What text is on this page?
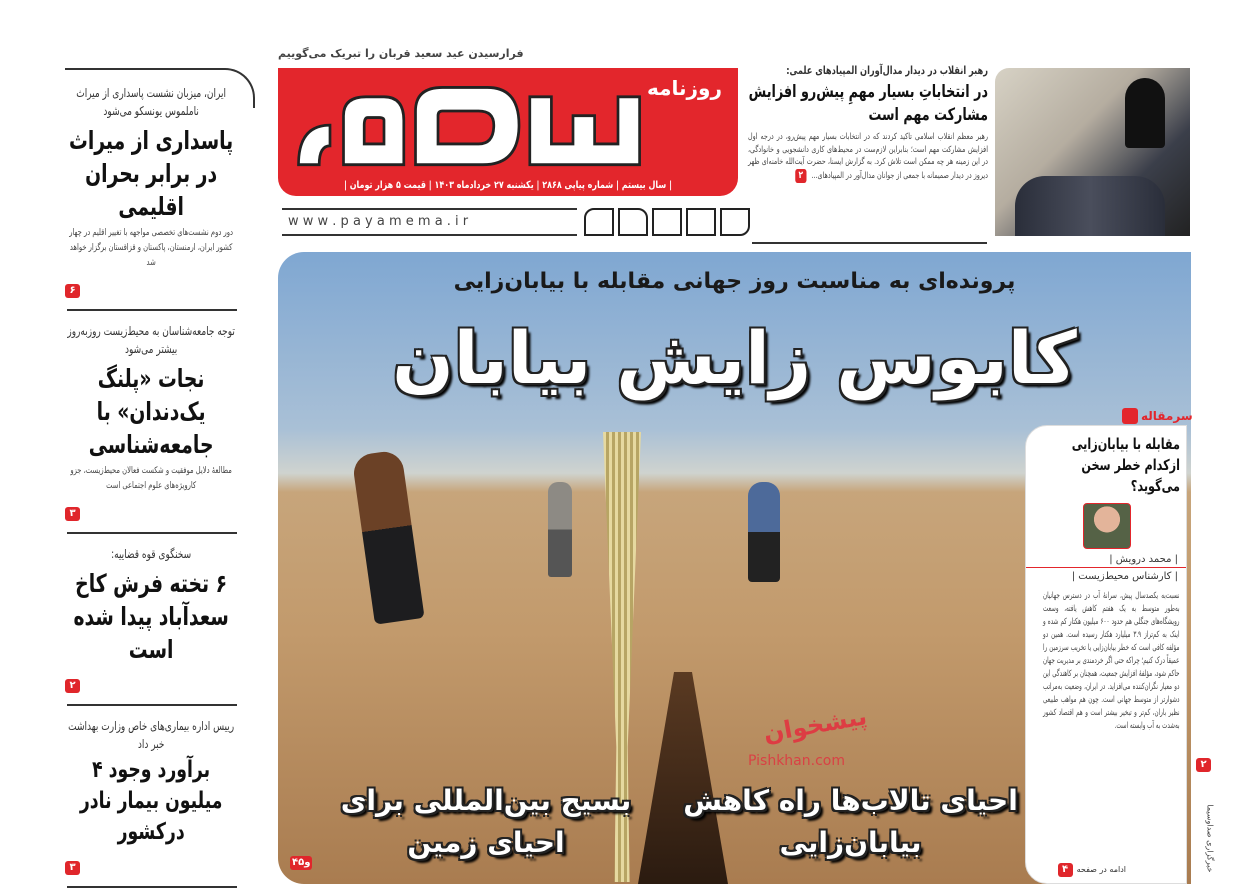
فرارسیدن عید سعید قربان را تبریک می‌گوییم
روزنامه
| سال بیستم | شماره پیاپی ۲۸۶۸ | یکشنبه ۲۷ خردادماه ۱۴۰۳ | قیمت ۵ هزار تومان |
w w w . p a y a m e m a . i r
رهبر انقلاب در دیدار مدال‌آوران المپیادهای علمی:
در انتخاباتِ بسیار مهمِ پیش‌رو افزایش مشارکت مهم است
رهبر معظم انقلاب اسلامی تاکید کردند که در انتخابات بسیار مهم پیش‌رو، در درجه اول افزایش مشارکت مهم است؛ بنابراین لازم‌ست در محیط‌های کاری دانشجویی و خانوادگی، در این زمینه هر چه ممکن است تلاش کرد. به گزارش ایسنا، حضرت آیت‌الله خامنه‌ای ظهر دیروز در دیدار صمیمانه با جمعی از جوانان مدال‌آور در المپیادهای... ۲
ایران، میزبان نشست پاسداری از میراث ناملموس یونسکو می‌شود
پاسداری از میراث در برابر بحران اقلیمی
دور دوم نشست‌های تخصصی مواجهه با تغییر اقلیم در چهار کشور ایران، ارمنستان، پاکستان و قزاقستان برگزار خواهد شد
۶
توجه جامعه‌شناسان به محیط‌زیست روزبه‌روز بیشتر می‌شود
نجات «پلنگ یک‌دندان» با جامعه‌شناسی
مطالعهٔ دلایل موفقیت و شکست فعالان محیط‌زیست، جزو کارویژه‌های علوم اجتماعی است
۳
سخنگوی قوه قضاییه:
۶ تخته فرش کاخ سعدآباد پیدا شده است
۲
رییس اداره بیماری‌های خاص وزارت بهداشت خبر داد
برآورد وجود ۴ میلیون بیمار نادر درکشور
۳
پرونده‌ای به مناسبت روز جهانی مقابله با بیابان‌زایی
کابوس زایش بیابان
پیشخوان
Pishkhan.com
احیای تالاب‌ها راه کاهش بیابان‌زایی
بسیج بین‌المللی برای احیای زمین
۴و۵
سرمقاله
مقابله با بیابان‌زایی ازکدام خطر سخن می‌گوید؟
| محمد درویش |
| کارشناس محیط‌زیست |
نسبت‌به یکصدسال پیش، سرانهٔ آب در دسترس جهانیان به‌طور متوسط به یک هفتم کاهش یافته، وسعت رویشگاه‌های جنگلی هم حدود ۶۰۰ میلیون هکتار کم شده و اینک به کم‌تراز ۳.۹ میلیارد هکتار رسیده است. همین دو مؤلفه کافی است که خطر بیابان‌زایی یا تخریب سرزمین را عمیقاً درک کنیم؛ چراکه حتی اگر خردمندی بر مدیریت جهان حاکم شود، مؤلفهٔ افزایش جمعیت، همچنان بر کاهندگی این دو معیار نگران‌کننده می‌افزاید. در ایران، وضعیت به‌مراتب دشوارتر از متوسط جهانی است. چون هم مواهب طبیعی نظیر باران، کم‌تر و تبخیر بیشتر است و هم اقتصاد کشور به‌شدت به آب وابسته است.
ادامه در صفحه
۴
۲
خبرگزاری صداوسیما
